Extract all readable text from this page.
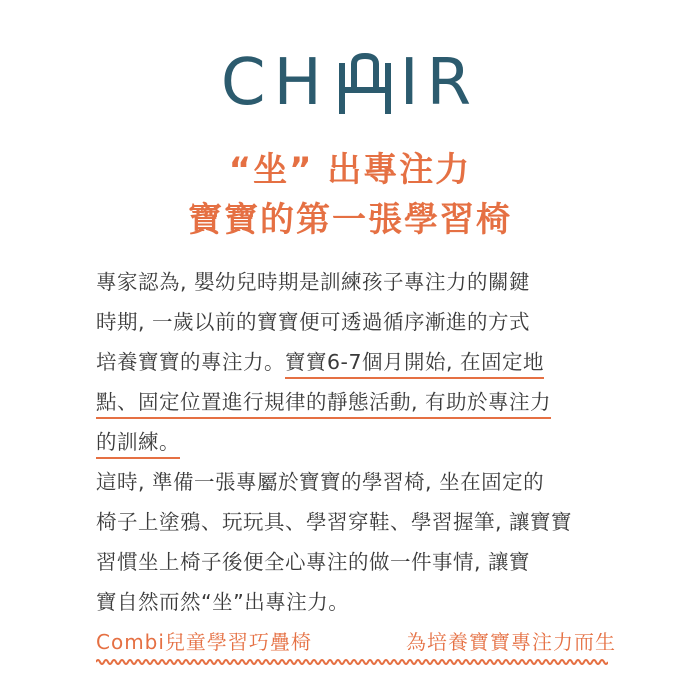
CH IR
“坐” 出專注力
寶寶的第一張學習椅
專家認為, 嬰幼兒時期是訓練孩子專注力的關鍵
時期, 一歲以前的寶寶便可透過循序漸進的方式
培養寶寶的專注力。寶寶6-7個月開始, 在固定地
點、固定位置進行規律的靜態活動, 有助於專注力
的訓練。
這時, 準備一張專屬於寶寶的學習椅, 坐在固定的
椅子上塗鴉、玩玩具、學習穿鞋、學習握筆, 讓寶寶
習慣坐上椅子後便全心專注的做一件事情, 讓寶
寶自然而然“坐”出專注力。
Combi兒童學習巧疊椅	為培養寶寶專注力而生
